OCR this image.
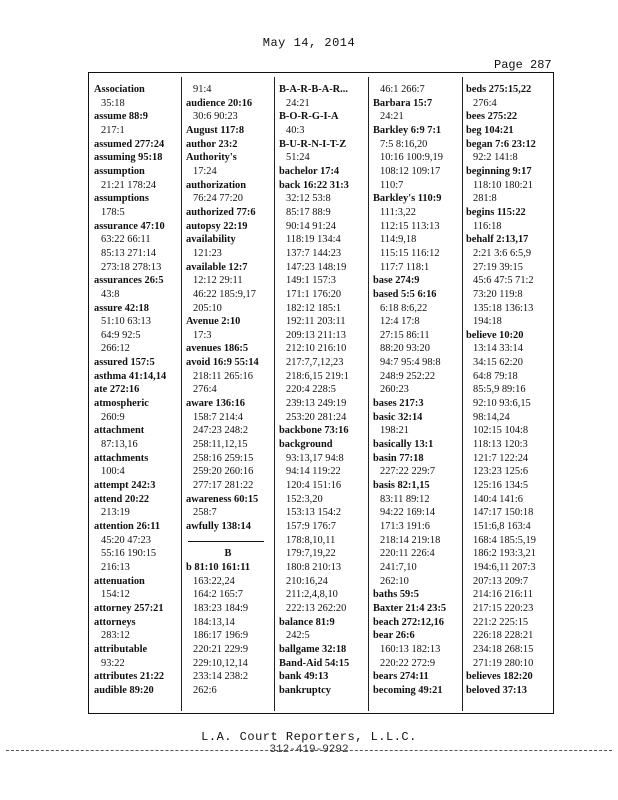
May 14, 2014
Page 287
Association
35:18
assume 88:9
217:1
assumed 277:24
assuming 95:18
assumption
21:21 178:24
assumptions
178:5
assurance 47:10
63:22 66:11
85:13 271:14
273:18 278:13
assurances 26:5
43:8
assure 42:18
51:10 63:13
64:9 92:5
266:12
assured 157:5
asthma 41:14,14
ate 272:16
atmospheric
260:9
attachment
87:13,16
attachments
100:4
attempt 242:3
attend 20:22
213:19
attention 26:11
45:20 47:23
55:16 190:15
216:13
attenuation
154:12
attorney 257:21
attorneys
283:12
attributable
93:22
attributes 21:22
audible 89:20
91:4
audience 20:16
30:6 90:23
August 117:8
author 23:2
Authority's
17:24
authorization
76:24 77:20
authorized 77:6
autopsy 22:19
availability
121:23
available 12:7
12:12 29:11
46:22 185:9,17
205:10
Avenue 2:10
17:3
avenues 186:5
avoid 16:9 55:14
218:11 265:16
276:4
aware 136:16
158:7 214:4
247:23 248:2
258:11,12,15
258:16 259:15
259:20 260:16
277:17 281:22
awareness 60:15
258:7
awfully 138:14
B
b 81:10 161:11
163:22,24
164:2 165:7
183:23 184:9
184:13,14
186:17 196:9
220:21 229:9
229:10,12,14
233:14 238:2
262:6
B-A-R-B-A-R...
24:21
B-O-R-G-I-A
40:3
B-U-R-N-I-T-Z
51:24
bachelor 17:4
back 16:22 31:3
32:12 53:8
85:17 88:9
90:14 91:24
118:19 134:4
137:7 144:23
147:23 148:19
149:1 157:3
171:1 176:20
182:12 185:1
192:11 203:11
209:13 211:13
212:10 216:10
217:7,7,12,23
218:6,15 219:1
220:4 228:5
239:13 249:19
253:20 281:24
backbone 73:16
background
93:13,17 94:8
94:14 119:22
120:4 151:16
152:3,20
153:13 154:2
157:9 176:7
178:8,10,11
179:7,19,22
180:8 210:13
210:16,24
211:2,4,8,10
222:13 262:20
balance 81:9
242:5
ballgame 32:18
Band-Aid 54:15
bank 49:13
bankruptcy
46:1 266:7
Barbara 15:7
24:21
Barkley 6:9 7:1
7:5 8:16,20
10:16 100:9,19
108:12 109:17
110:7
Barkley's 110:9
111:3,22
112:15 113:13
114:9,18
115:15 116:12
117:7 118:1
base 274:9
based 5:5 6:16
6:18 8:6,22
12:4 17:8
27:15 86:11
88:20 93:20
94:7 95:4 98:8
248:9 252:22
260:23
bases 217:3
basic 32:14
198:21
basically 13:1
basin 77:18
227:22 229:7
basis 82:1,15
83:11 89:12
94:22 169:14
171:3 191:6
218:14 219:18
220:11 226:4
241:7,10
262:10
baths 59:5
Baxter 21:4 23:5
beach 272:12,16
bear 26:6
160:13 182:13
220:22 272:9
bears 274:11
becoming 49:21
beds 275:15,22
276:4
bees 275:22
beg 104:21
began 7:6 23:12
92:2 141:8
beginning 9:17
118:10 180:21
281:8
begins 115:22
116:18
behalf 2:13,17
2:21 3:6 6:5,9
27:19 39:15
45:6 47:5 71:2
73:20 119:8
135:18 136:13
194:18
believe 10:20
13:14 33:14
34:15 62:20
64:8 79:18
85:5,9 89:16
92:10 93:6,15
98:14,24
102:15 104:8
118:13 120:3
121:7 122:24
123:23 125:6
125:16 134:5
140:4 141:6
147:17 150:18
151:6,8 163:4
168:4 185:5,19
186:2 193:3,21
194:6,11 207:3
207:13 209:7
214:16 216:11
217:15 220:23
221:2 225:15
226:18 228:21
234:18 268:15
271:19 280:10
believes 182:20
beloved 37:13
L.A. Court Reporters, L.L.C.
312-419-9292
